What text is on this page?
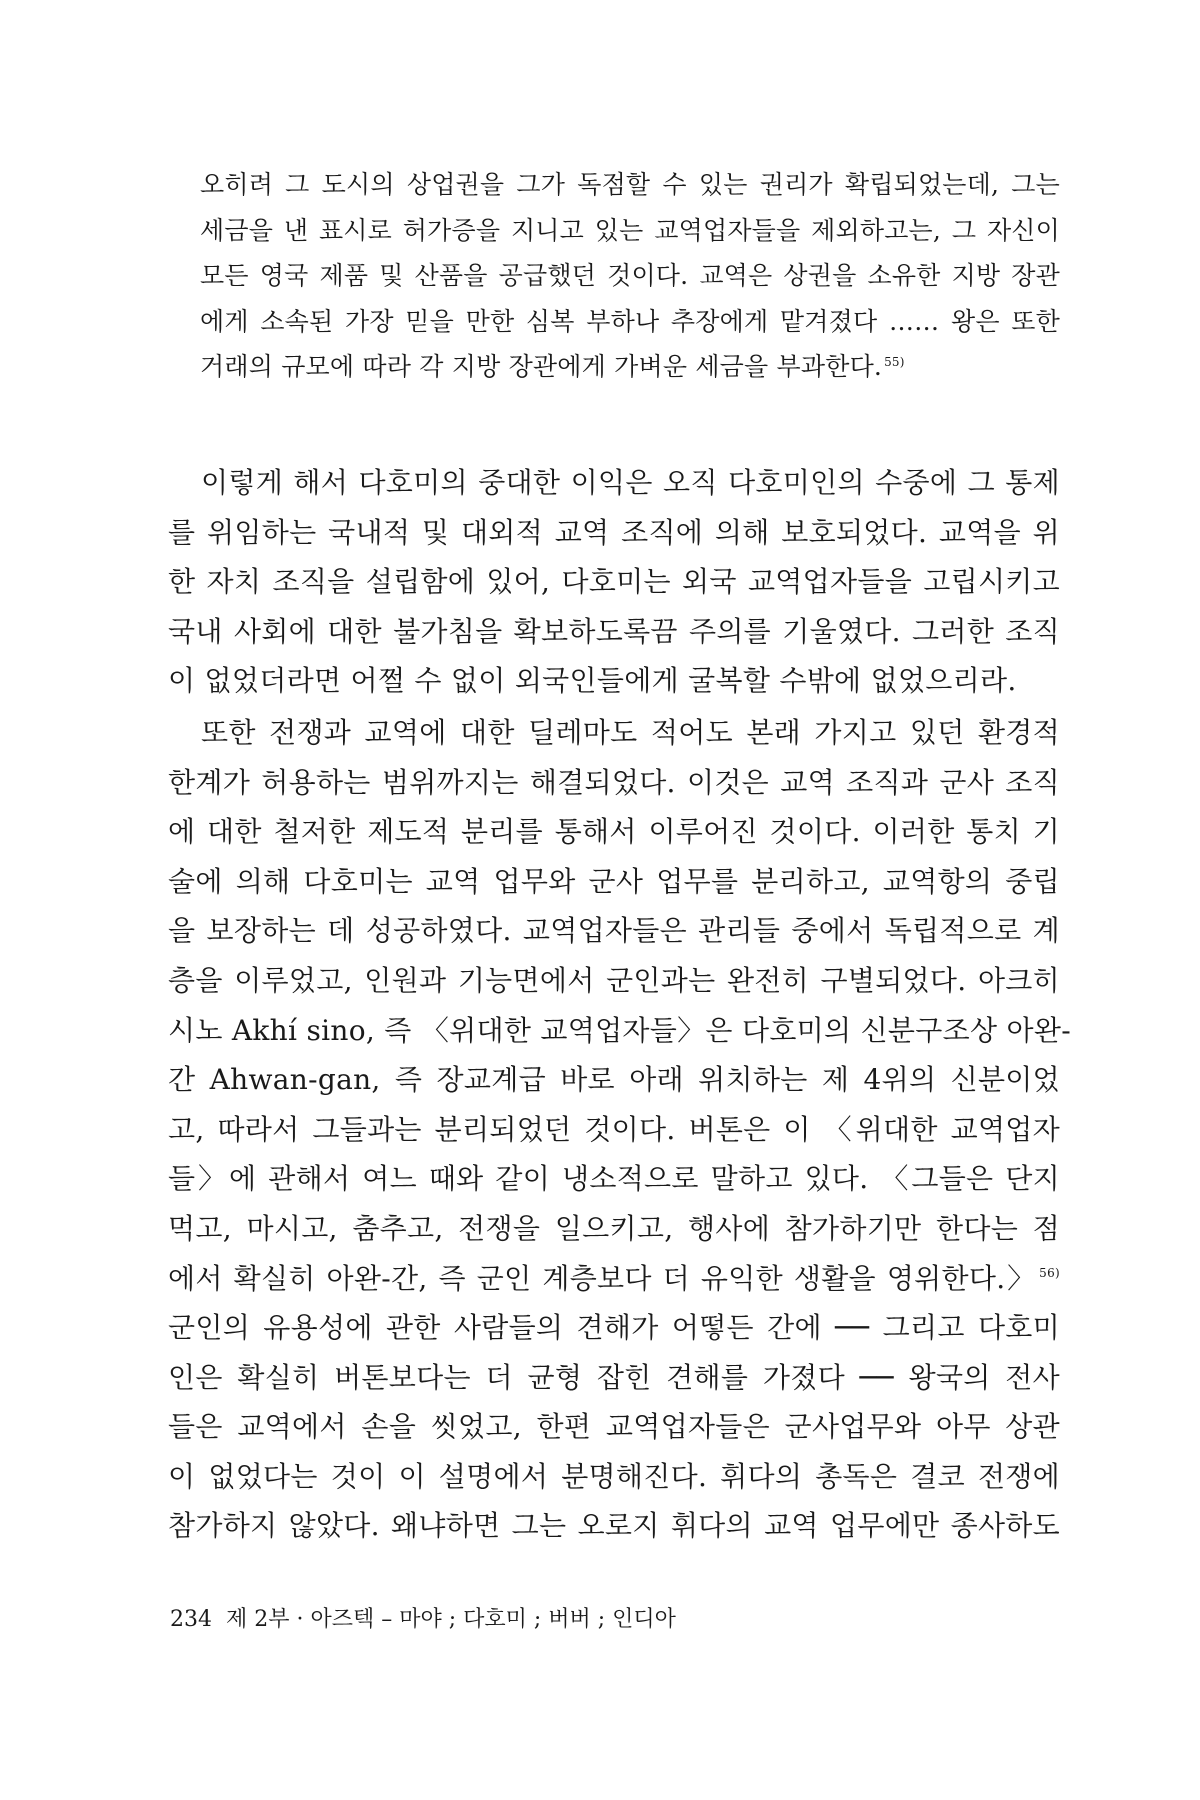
오히려 그 도시의 상업권을 그가 독점할 수 있는 권리가 확립되었는데, 그는
세금을 낸 표시로 허가증을 지니고 있는 교역업자들을 제외하고는, 그 자신이
모든 영국 제품 및 산품을 공급했던 것이다. 교역은 상권을 소유한 지방 장관
에게 소속된 가장 믿을 만한 심복 부하나 추장에게 맡겨졌다 …… 왕은 또한
거래의 규모에 따라 각 지방 장관에게 가벼운 세금을 부과한다. $^{55)}$
이렇게 해서 다호미의 중대한 이익은 오직 다호미인의 수중에 그 통제
를 위임하는 국내적 및 대외적 교역 조직에 의해 보호되었다. 교역을 위
한 자치 조직을 설립함에 있어, 다호미는 외국 교역업자들을 고립시키고
국내 사회에 대한 불가침을 확보하도록끔 주의를 기울였다. 그러한 조직
이 없었더라면 어쩔 수 없이 외국인들에게 굴복할 수밖에 없었으리라.
또한 전쟁과 교역에 대한 딜레마도 적어도 본래 가지고 있던 환경적
한계가 허용하는 범위까지는 해결되었다. 이것은 교역 조직과 군사 조직
에 대한 철저한 제도적 분리를 통해서 이루어진 것이다. 이러한 통치 기
술에 의해 다호미는 교역 업무와 군사 업무를 분리하고, 교역항의 중립
을 보장하는 데 성공하였다. 교역업자들은 관리들 중에서 독립적으로 계
층을 이루었고, 인원과 기능면에서 군인과는 완전히 구별되었다. 아크히
시노 Akhí sino, 즉 〈위대한 교역업자들〉은 다호미의 신분구조상 아완-
간 Ahwan-gan, 즉 장교계급 바로 아래 위치하는 제 4위의 신분이었
고, 따라서 그들과는 분리되었던 것이다. 버톤은 이 〈위대한 교역업자
들〉에 관해서 여느 때와 같이 냉소적으로 말하고 있다. 〈그들은 단지
먹고, 마시고, 춤추고, 전쟁을 일으키고, 행사에 참가하기만 한다는 점
에서 확실히 아완-간, 즉 군인 계층보다 더 유익한 생활을 영위한다.〉 $^{56)}$
군인의 유용성에 관한 사람들의 견해가 어떻든 간에 ── 그리고 다호미
인은 확실히 버톤보다는 더 균형 잡힌 견해를 가졌다 ── 왕국의 전사
들은 교역에서 손을 씻었고, 한편 교역업자들은 군사업무와 아무 상관
이 없었다는 것이 이 설명에서 분명해진다. 휘다의 총독은 결코 전쟁에
참가하지 않았다. 왜냐하면 그는 오로지 휘다의 교역 업무에만 종사하도
234 제 2부 · 아즈텍 – 마야 ; 다호미 ; 버버 ; 인디아
